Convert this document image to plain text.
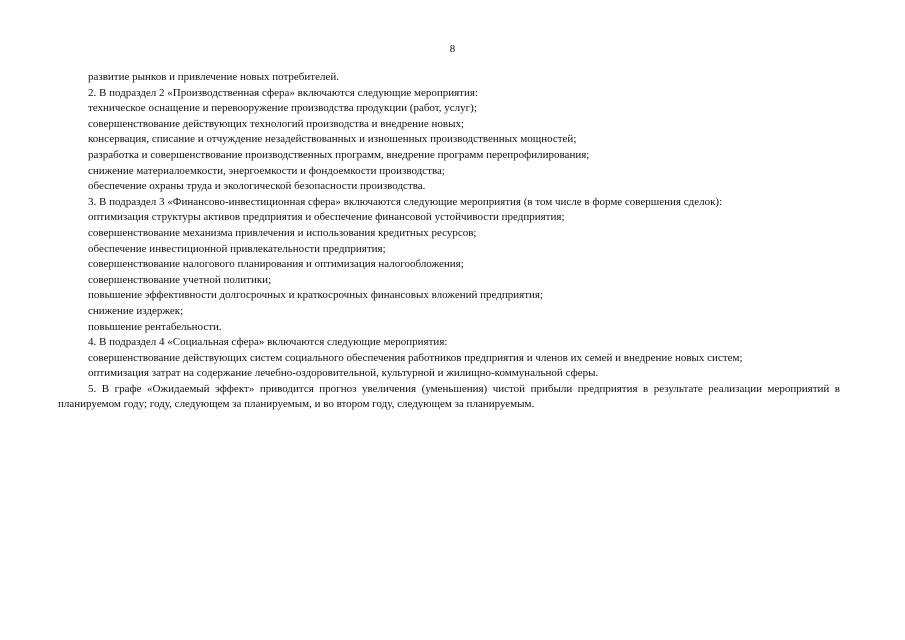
8

развитие рынков и привлечение новых потребителей.

2. В подраздел 2 «Производственная сфера» включаются следующие мероприятия:

техническое оснащение и перевооружение производства продукции (работ, услуг);

совершенствование действующих технологий производства и внедрение новых;

консервация, списание и отчуждение незадействованных и изношенных производственных мощностей;

разработка и совершенствование производственных программ, внедрение программ перепрофилирования;

снижение материалоемкости, энергоемкости и фондоемкости производства;

обеспечение охраны труда и экологической безопасности производства.

3. В подраздел 3 «Финансово-инвестиционная сфера» включаются следующие мероприятия (в том числе в форме совершения сделок):

оптимизация структуры активов предприятия и обеспечение финансовой устойчивости предприятия;

совершенствование механизма привлечения и использования кредитных ресурсов;

обеспечение инвестиционной привлекательности предприятия;

совершенствование налогового планирования и оптимизация налогообложения;

совершенствование учетной политики;

повышение эффективности долгосрочных и краткосрочных финансовых вложений предприятия;

снижение издержек;

повышение рентабельности.

4. В подраздел 4 «Социальная сфера» включаются следующие мероприятия:

совершенствование действующих систем социального обеспечения работников предприятия и членов их семей и внедрение новых систем;

оптимизация затрат на содержание лечебно-оздоровительной, культурной и жилищно-коммунальной сферы.

5. В графе «Ожидаемый эффект» приводится прогноз увеличения (уменьшения) чистой прибыли предприятия в результате реализации мероприятий в планируемом году; году, следующем за планируемым, и во втором году, следующем за планируемым.
